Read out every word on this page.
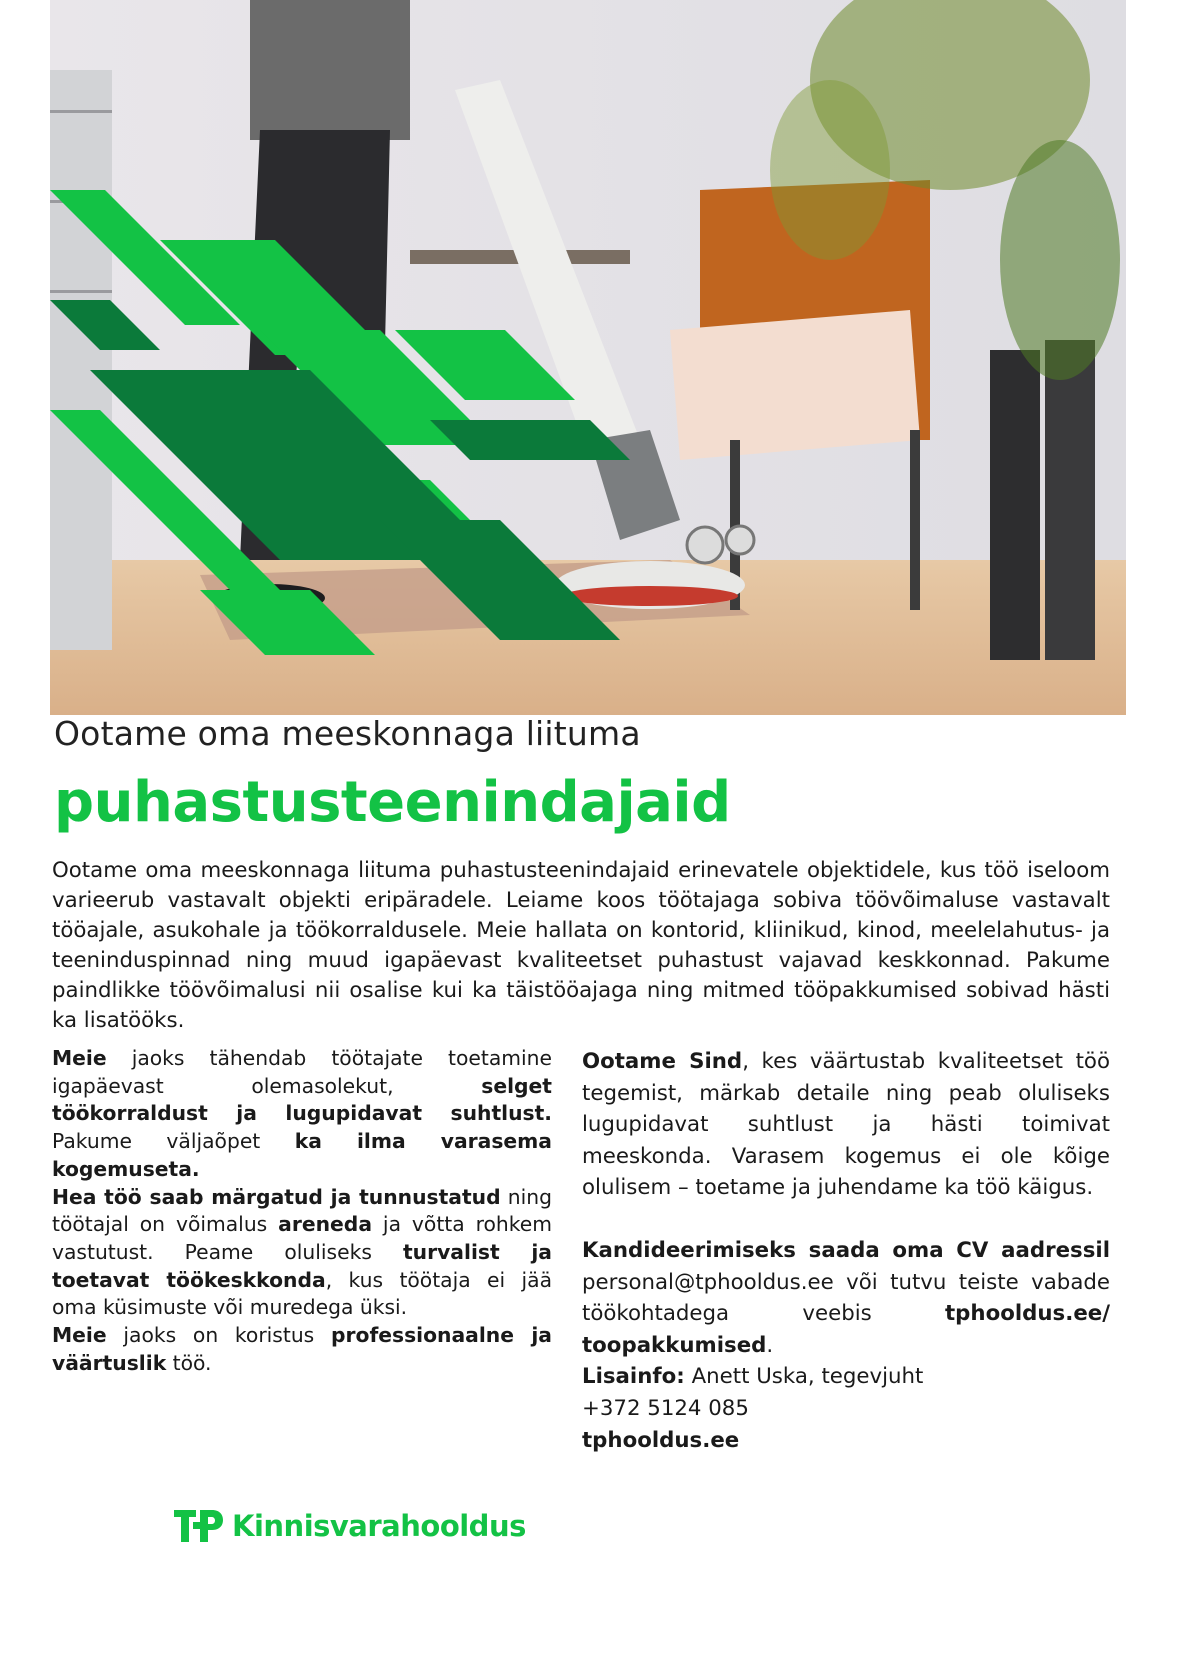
Ootame oma meeskonnaga liituma
puhastusteenindajaid
Ootame oma meeskonnaga liituma puhastusteenindajaid erinevatele objektidele, kus töö iseloom varieerub vastavalt objekti eripäradele. Leiame koos töötajaga sobiva töövõimaluse vastavalt tööajale, asukohale ja töökorraldusele. Meie hallata on kontorid, kliinikud, kinod, meelelahutus- ja teeninduspinnad ning muud igapäevast kvaliteetset puhastust vajavad keskkonnad. Pakume paindlikke töövõimalusi nii osalise kui ka täistööajaga ning mitmed tööpakkumised sobivad hästi ka lisatööks.

Meie jaoks tähendab töötajate toetamine igapäevast olemasolekut, selget töökorraldust ja lugupidavat suhtlust. Pakume väljaõpet ka ilma varasema kogemuseta.

Hea töö saab märgatud ja tunnustatud ning töötajal on võimalus areneda ja võtta rohkem vastutust. Peame oluliseks turvalist ja toetavat töökeskkonda, kus töötaja ei jää oma küsimuste või muredega üksi.

Meie jaoks on koristus professionaalne ja väärtuslik töö.

Ootame Sind, kes väärtustab kvaliteetset töö tegemist, märkab detaile ning peab oluliseks lugupidavat suhtlust ja hästi toimivat meeskonda. Varasem kogemus ei ole kõige olulisem – toetame ja juhendame ka töö käigus.

Kandideerimiseks saada oma CV aadressil

personal@tphooldus.ee või tutvu teiste vabade töökohtadega veebis tphooldus.ee/ toopakkumised.

Lisainfo: Anett Uska, tegevjuht

+372 5124 085

tphooldus.ee

Kinnisvarahooldus
